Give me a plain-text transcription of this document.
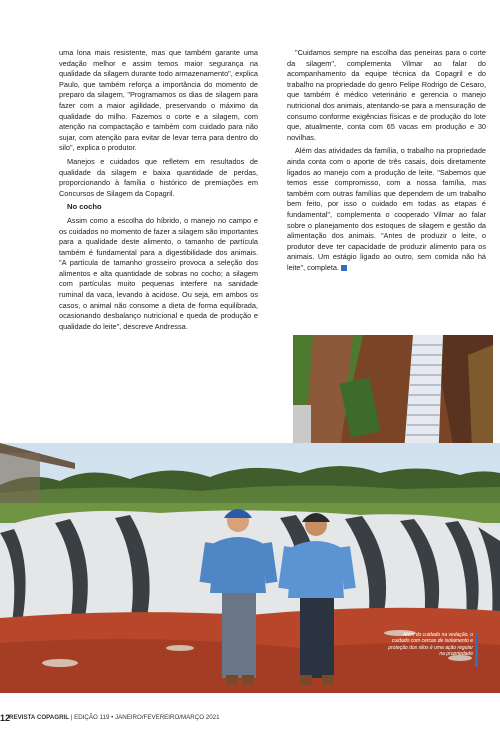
uma lona mais resistente, mas que também garante uma vedação melhor e assim temos maior segurança na qualidade da silagem durante todo armazenamento", explica Paulo, que também reforça a importância do momento de preparo da silagem, "Programamos os dias de silagem para fazer com a maior agilidade, preservando o máximo da qualidade do milho. Fazemos o corte e a silagem, com atenção na compactação e também com cuidado para não sujar, com atenção para evitar de levar terra para dentro do silo", explica o produtor.

Manejos e cuidados que refletem em resultados de qualidade da silagem e baixa quantidade de perdas, proporcionando à família o histórico de premiações em Concursos de Silagem da Copagril.

No cocho

Assim como a escolha do híbrido, o manejo no campo e os cuidados no momento de fazer a silagem são importantes para a qualidade deste alimento, o tamanho de partícula também é fundamental para a digestibilidade dos animais. "A partícula de tamanho grosseiro provoca a seleção dos alimentos e alta quantidade de sobras no cocho; a silagem com partículas muito pequenas interfere na sanidade ruminal da vaca, levando à acidose. Ou seja, em ambos os casos, o animal não consome a dieta de forma equilibrada, ocasionando desbalanço nutricional e queda de produção e qualidade do leite", descreve Andressa.

"Cuidamos sempre na escolha das peneiras para o corte da silagem", complementa Vilmar ao falar do acompanhamento da equipe técnica da Copagril e do trabalho na propriedade do genro Felipe Rodrigo de Cesaro, que também é médico veterinário e gerencia o manejo nutricional dos animais, atentando-se para a mensuração de consumo conforme exigências físicas e de produção do lote que, atualmente, conta com 65 vacas em produção e 30 novilhas.

Além das atividades da família, o trabalho na propriedade ainda conta com o aporte de três casais, dois diretamente ligados ao manejo com a produção de leite. "Sabemos que temos esse compromisso, com a nossa família, mas também com outras famílias que dependem de um trabalho bem feito, por isso o cuidado em todas as etapas é fundamental", complementa o cooperado Vilmar ao falar sobre o planejamento dos estoques de silagem e gestão da alimentação dos animais. "Antes de produzir o leite, o produtor deve ter capacidade de produzir alimento para os animais. Um estágio ligado ao outro, sem comida não há leite", completa.

Além do cuidado na vedação, o cuidado com cercas de isolamento e proteção dos silos é uma ação regular na propriedade
12
REVISTA COPAGRIL | EDIÇÃO 119 • JANEIRO/FEVEREIRO/MARÇO 2021
